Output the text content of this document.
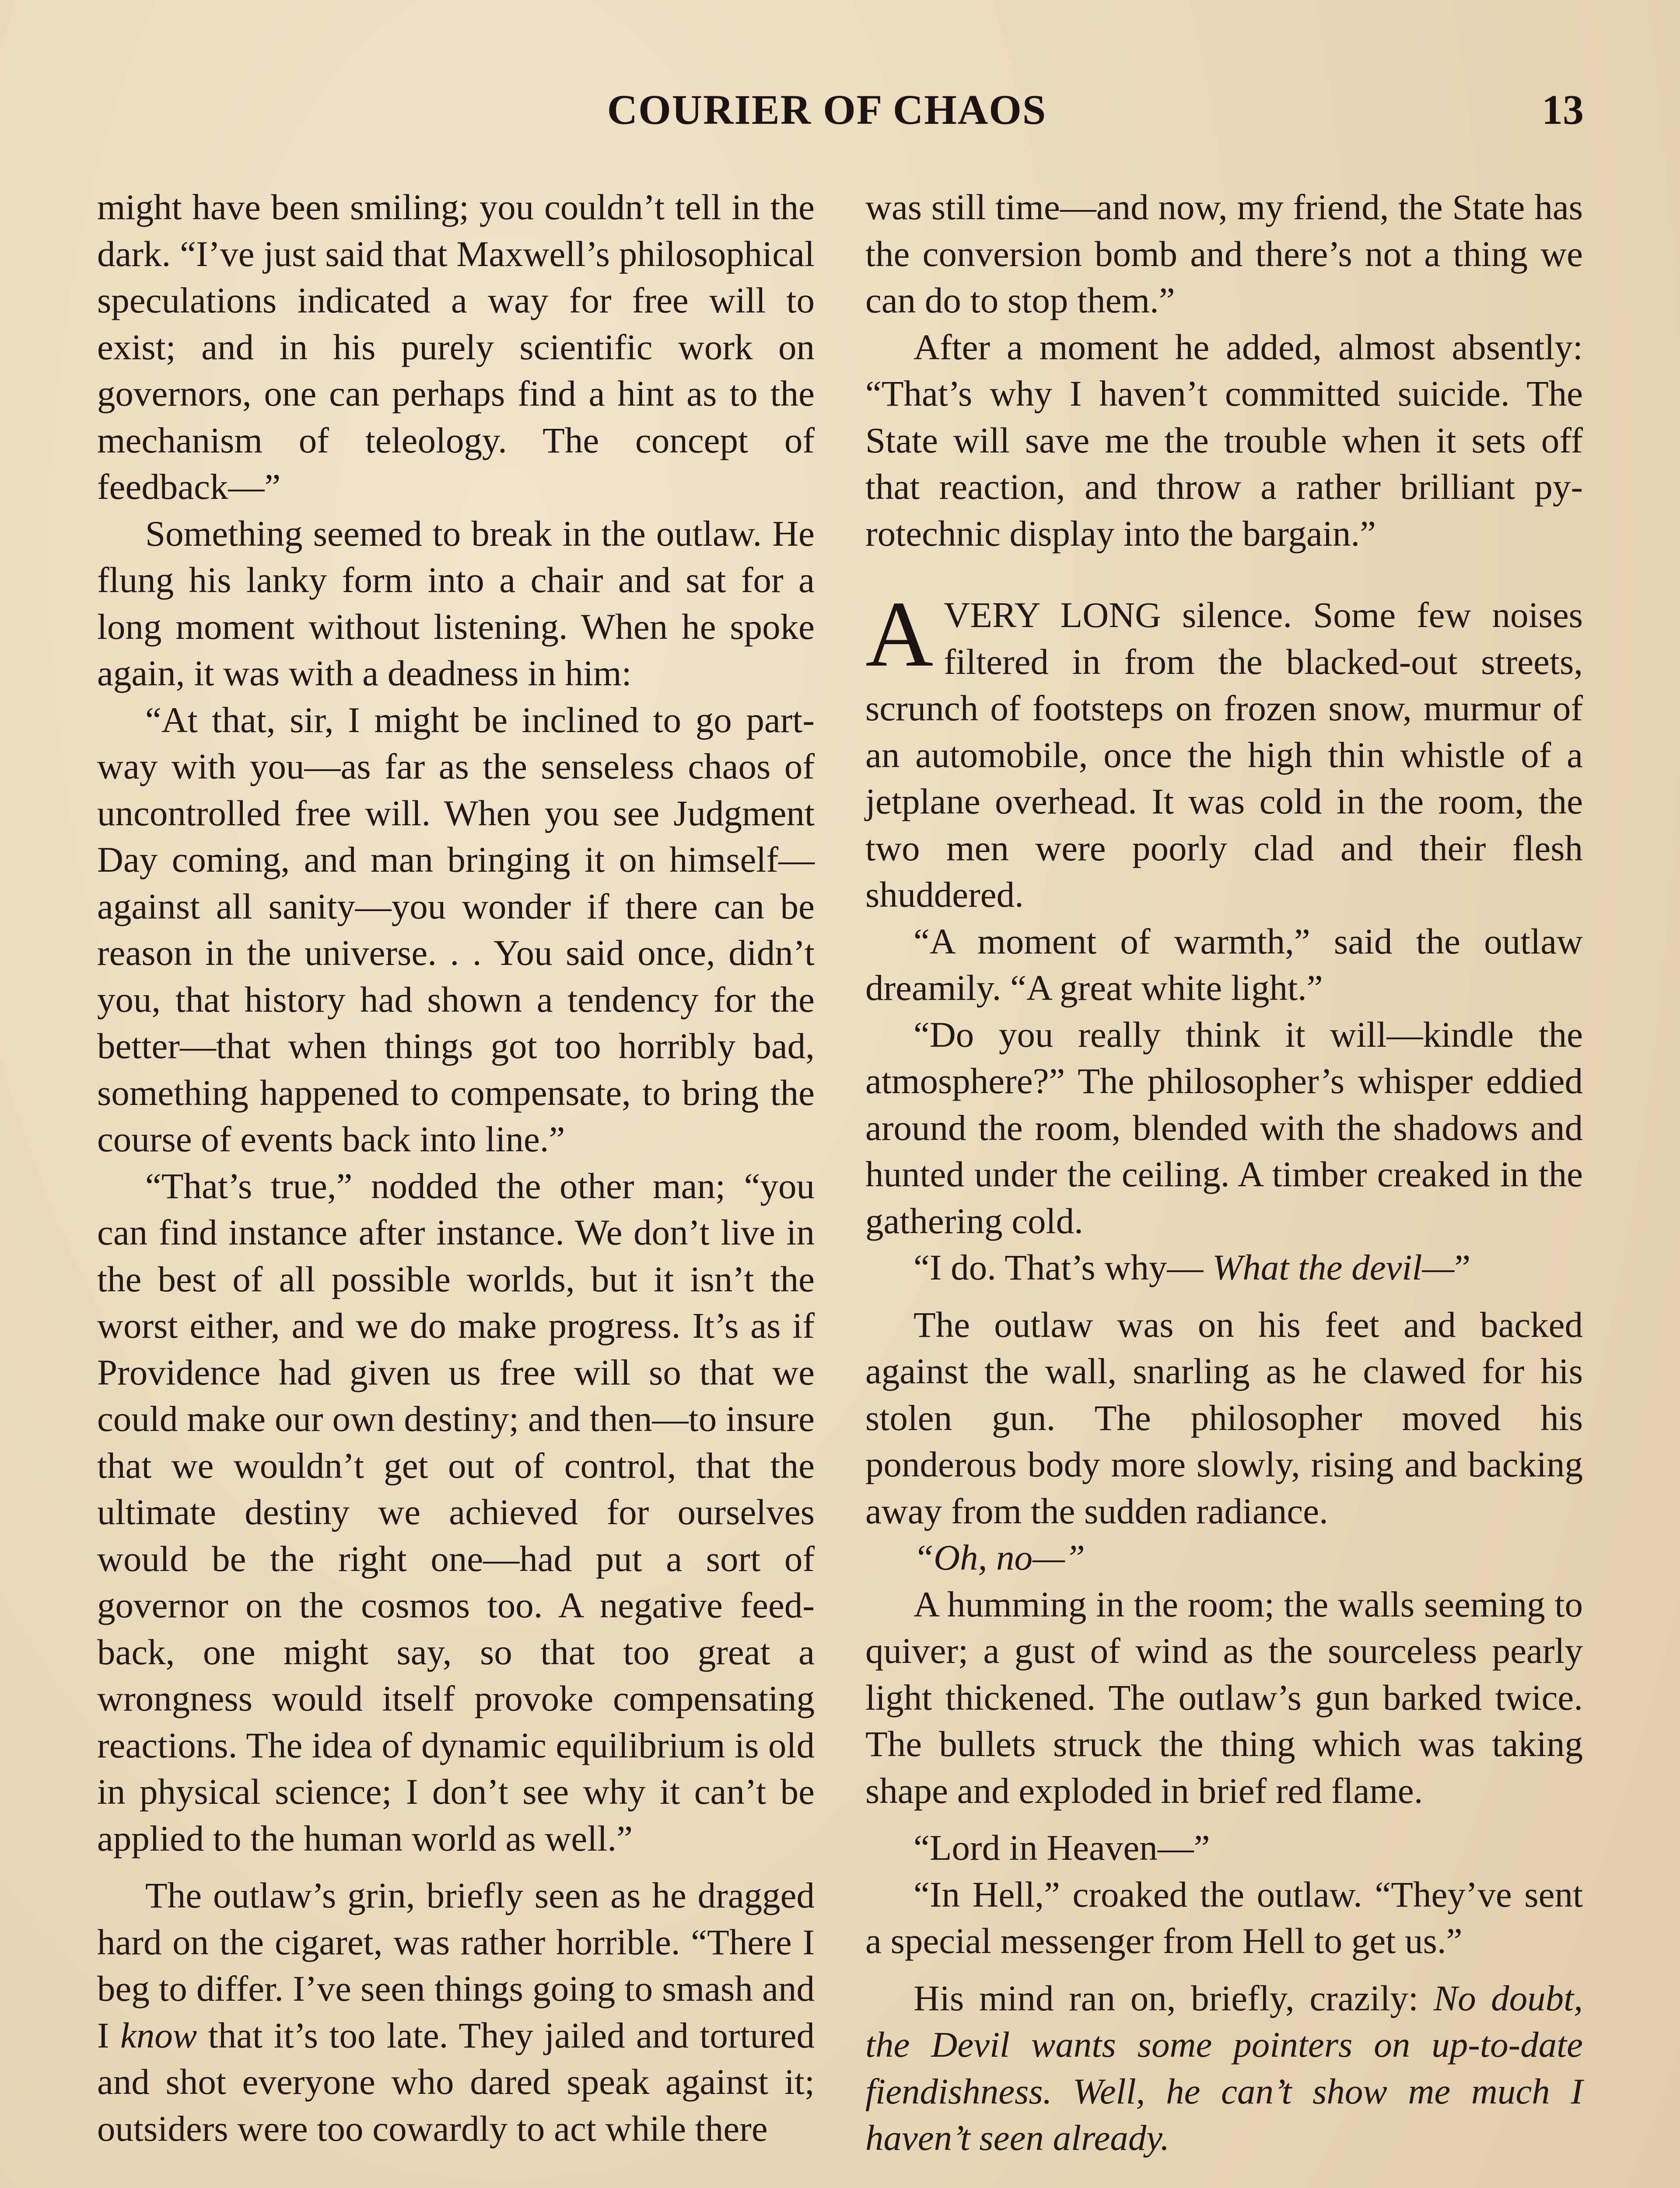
COURIER OF CHAOS	13

might have been smiling; you couldn’t tell in the dark. “I’ve just said that Maxwell’s philosophical speculations indicated a way for free will to exist; and in his purely scientific work on governors, one can perhaps find a hint as to the mechanism of teleology. The concept of feedback—”

Something seemed to break in the outlaw. He flung his lanky form into a chair and sat for a long moment without listening. When he spoke again, it was with a deadness in him:

“At that, sir, I might be inclined to go part-way with you—as far as the senseless chaos of uncontrolled free will. When you see Judgment Day coming, and man bringing it on himself—against all sanity—you wonder if there can be reason in the universe. . . You said once, didn’t you, that history had shown a tendency for the better—that when things got too horribly bad, something happened to compensate, to bring the course of events back into line.”

“That’s true,” nodded the other man; “you can find instance after instance. We don’t live in the best of all possible worlds, but it isn’t the worst either, and we do make progress. It’s as if Providence had given us free will so that we could make our own destiny; and then—to insure that we wouldn’t get out of control, that the ultimate destiny we achieved for ourselves would be the right one—had put a sort of governor on the cosmos too. A negative feedback, one might say, so that too great a wrongness would itself provoke compensating reactions. The idea of dynamic equilibrium is old in physical science; I don’t see why it can’t be applied to the human world as well.”

The outlaw’s grin, briefly seen as he dragged hard on the cigaret, was rather horrible. “There I beg to differ. I’ve seen things going to smash and I know that it’s too late. They jailed and tortured and shot everyone who dared speak against it; outsiders were too cowardly to act while there

was still time—and now, my friend, the State has the conversion bomb and there’s not a thing we can do to stop them.”

After a moment he added, almost absently: “That’s why I haven’t committed suicide. The State will save me the trouble when it sets off that reaction, and throw a rather brilliant pyrotechnic display into the bargain.”

AVERY LONG silence. Some few noises filtered in from the blacked-out streets, scrunch of footsteps on frozen snow, murmur of an automobile, once the high thin whistle of a jetplane overhead. It was cold in the room, the two men were poorly clad and their flesh shuddered.

“A moment of warmth,” said the outlaw dreamily. “A great white light.”

“Do you really think it will—kindle the atmosphere?” The philosopher’s whisper eddied around the room, blended with the shadows and hunted under the ceiling. A timber creaked in the gathering cold.

“I do. That’s why— What the devil—”

The outlaw was on his feet and backed against the wall, snarling as he clawed for his stolen gun. The philosopher moved his ponderous body more slowly, rising and backing away from the sudden radiance.

“Oh, no—”

A humming in the room; the walls seeming to quiver; a gust of wind as the sourceless pearly light thickened. The outlaw’s gun barked twice. The bullets struck the thing which was taking shape and exploded in brief red flame.

“Lord in Heaven—”

“In Hell,” croaked the outlaw. “They’ve sent a special messenger from Hell to get us.”

His mind ran on, briefly, crazily: No doubt, the Devil wants some pointers on up-to-date fiendishness. Well, he can’t show me much I haven’t seen already.
